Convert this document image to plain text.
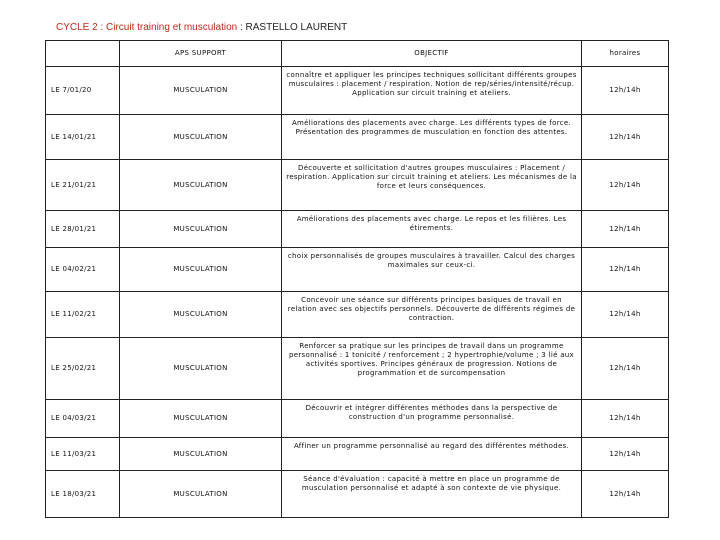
CYCLE 2 : Circuit training et musculation : RASTELLO LAURENT
	APS SUPPORT	OBJECTIF	horaires
LE 7/01/20	MUSCULATION	connaître et appliquer les principes techniques sollicitant différents groupes musculaires : placement / respiration. Notion de rep/séries/intensité/récup. Application sur circuit training et ateliers.	12h/14h
LE 14/01/21	MUSCULATION	Améliorations des placements avec charge. Les différents types de force. Présentation des programmes de musculation en fonction des attentes.	12h/14h
LE 21/01/21	MUSCULATION	Découverte et sollicitation d'autres groupes musculaires : Placement / respiration. Application sur circuit training et ateliers. Les mécanismes de la force et leurs conséquences.	12h/14h
LE 28/01/21	MUSCULATION	Améliorations des placements avec charge. Le repos et les filières. Les étirements.	12h/14h
LE 04/02/21	MUSCULATION	choix personnalisés de groupes musculaires à travailler. Calcul des charges maximales sur ceux-ci.	12h/14h
LE 11/02/21	MUSCULATION	Concevoir une séance sur différents principes basiques de travail en relation avec ses objectifs personnels. Découverte de différents régimes de contraction.	12h/14h
LE 25/02/21	MUSCULATION	Renforcer sa pratique sur les principes de travail dans un programme personnalisé : 1 tonicité / renforcement ; 2 hypertrophie/volume ; 3 lié aux activités sportives. Principes généraux de progression. Notions de programmation et de surcompensation	12h/14h
LE 04/03/21	MUSCULATION	Découvrir et intégrer différentes méthodes dans la perspective de construction d'un programme personnalisé.	12h/14h
LE 11/03/21	MUSCULATION	Affiner un programme personnalisé au regard des différentes méthodes.	12h/14h
LE 18/03/21	MUSCULATION	Séance d'évaluation : capacité à mettre en place un programme de musculation personnalisé et adapté à son contexte de vie physique.	12h/14h
